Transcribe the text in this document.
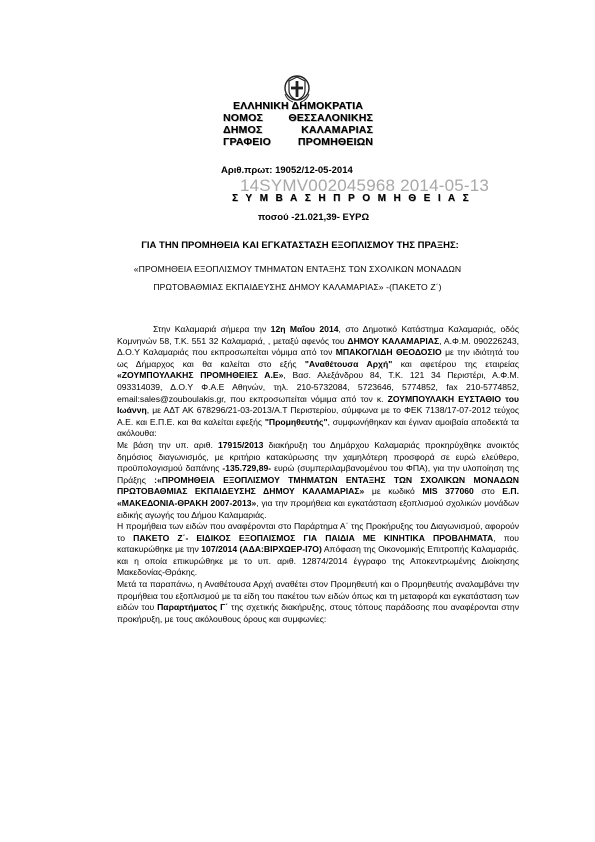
ΕΛΛΗΝΙΚΗ ΔΗΜΟΚΡΑΤΙΑ
ΝΟΜΟΣ ΘΕΣΣΑΛΟΝΙΚΗΣ
ΔΗΜΟΣ	ΚΑΛΑΜΑΡΙΑΣ
ΓΡΑΦΕΙΟ	ΠΡΟΜΗΘΕΙΩΝ
Αριθ.πρωτ: 19052/12-05-2014
14SYMV002045968 2014-05-13
Σ Υ Μ Β Α Σ Η Π Ρ Ο Μ Η Θ Ε Ι Α Σ
ποσού -21.021,39- ΕΥΡΩ
ΓΙΑ ΤΗΝ ΠΡΟΜΗΘΕΙΑ ΚΑΙ ΕΓΚΑΤΑΣΤΑΣΗ ΕΞΟΠΛΙΣΜΟΥ ΤΗΣ ΠΡΑΞΗΣ:
«ΠΡΟΜΗΘΕΙΑ ΕΞΟΠΛΙΣΜΟΥ ΤΜΗΜΑΤΩΝ ΕΝΤΑΞΗΣ ΤΩΝ ΣΧΟΛΙΚΩΝ ΜΟΝΑΔΩΝ
ΠΡΩΤΟΒΑΘΜΙΑΣ ΕΚΠΑΙΔΕΥΣΗΣ ΔΗΜΟΥ ΚΑΛΑΜΑΡΙΑΣ» -(ΠΑΚΕΤΟ Ζ΄)

Στην Καλαμαριά σήμερα την 12η Μαΐου 2014, στο Δημοτικό Κατάστημα Καλαμαριάς, οδός Κομνηνών 58, Τ.Κ. 551 32 Καλαμαριά, , μεταξύ αφενός του ΔΗΜΟΥ ΚΑΛΑΜΑΡΙΑΣ, Α.Φ.Μ. 090226243, Δ.Ο.Υ Καλαμαριάς που εκπροσωπείται νόμιμα από τον ΜΠΑΚΟΓΛΙΔΗ ΘΕΟΔΟΣΙΟ με την ιδιότητά του ως Δήμαρχος και θα καλείται στο εξής "Αναθέτουσα Αρχή" και αφετέρου της εταιρείας «ΖΟΥΜΠΟΥΛΑΚΗΣ ΠΡΟΜΗΘΕΙΕΣ Α.Ε», Βασ. Αλεξάνδρου 84, Τ.Κ. 121 34 Περιστέρι, Α.Φ.Μ. 093314039, Δ.Ο.Υ Φ.Α.Ε Αθηνών, τηλ. 210-5732084, 5723646, 5774852, fax 210-5774852, email:sales@zouboulakis.gr, που εκπροσωπείται νόμιμα από τον κ. ΖΟΥΜΠΟΥΛΑΚΗ ΕΥΣΤΑΘΙΟ του Ιωάννη, με ΑΔΤ ΑΚ 678296/21-03-2013/Α.Τ Περιστερίου, σύμφωνα με το ΦΕΚ 7138/17-07-2012 τεύχος Α.Ε. και Ε.Π.Ε. και θα καλείται εφεξής "Προμηθευτής", συμφωνήθηκαν και έγιναν αμοιβαία αποδεκτά τα ακόλουθα:

Με βάση την υπ. αριθ. 17915/2013 διακήρυξη του Δημάρχου Καλαμαριάς προκηρύχθηκε ανοικτός δημόσιος διαγωνισμός, με κριτήριο κατακύρωσης την χαμηλότερη προσφορά σε ευρώ ελεύθερο, προϋπολογισμού δαπάνης -135.729,89- ευρώ (συμπεριλαμβανομένου του ΦΠΑ), για την υλοποίηση της Πράξης :«ΠΡΟΜΗΘΕΙΑ ΕΞΟΠΛΙΣΜΟΥ ΤΜΗΜΑΤΩΝ ΕΝΤΑΞΗΣ ΤΩΝ ΣΧΟΛΙΚΩΝ ΜΟΝΑΔΩΝ ΠΡΩΤΟΒΑΘΜΙΑΣ ΕΚΠΑΙΔΕΥΣΗΣ ΔΗΜΟΥ ΚΑΛΑΜΑΡΙΑΣ» με κωδικό MIS 377060 στο Ε.Π. «ΜΑΚΕΔΟΝΙΑ-ΘΡΑΚΗ 2007-2013», για την προμήθεια και εγκατάσταση εξοπλισμού σχολικών μονάδων ειδικής αγωγής του Δήμου Καλαμαριάς.

Η προμήθεια των ειδών που αναφέρονται στο Παράρτημα Α΄ της Προκήρυξης του Διαγωνισμού, αφορούν το ΠΑΚΕΤΟ Ζ΄- ΕΙΔΙΚΟΣ ΕΞΟΠΛΙΣΜΟΣ ΓΙΑ ΠΑΙΔΙΑ ΜΕ ΚΙΝΗΤΙΚΑ ΠΡΟΒΛΗΜΑΤΑ, που κατακυρώθηκε με την 107/2014 (ΑΔΑ:ΒΙΡΧΩΕΡ-Ι7Ο) Απόφαση της Οικονομικής Επιτροπής Καλαμαριάς. και η οποία επικυρώθηκε με το υπ. αριθ. 12874/2014 έγγραφο της Αποκεντρωμένης Διοίκησης Μακεδονίας-Θράκης.

Μετά τα παραπάνω, η Αναθέτουσα Αρχή αναθέτει στον Προμηθευτή και ο Προμηθευτής αναλαμβάνει την προμήθεια του εξοπλισμού με τα είδη του πακέτου των ειδών όπως και τη μεταφορά και εγκατάσταση των ειδών του Παραρτήματος Γ΄ της σχετικής διακήρυξης, στους τόπους παράδοσης που αναφέρονται στην προκήρυξη, με τους ακόλουθους όρους και συμφωνίες:
